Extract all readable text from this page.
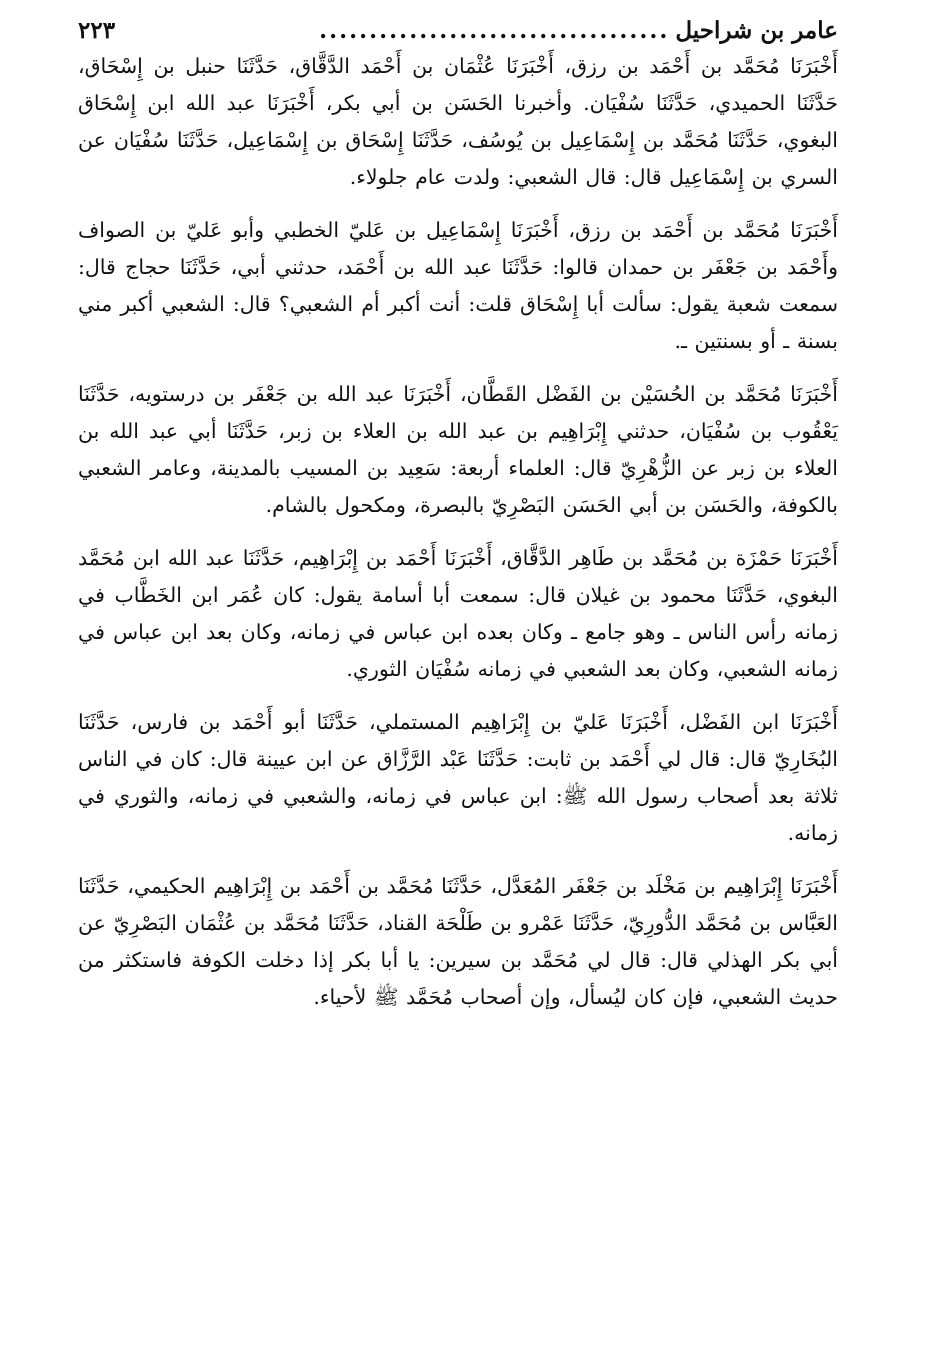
عامر بن شراحيل
...................................
٢٢٣

أَخْبَرَنَا مُحَمَّد بن أَحْمَد بن رزق، أَخْبَرَنَا عُثْمَان بن أَحْمَد الدَّقَّاق، حَدَّثَنَا حنبل بن إِسْحَاق، حَدَّثَنَا الحميدي، حَدَّثَنَا سُفْيَان. وأخبرنا الحَسَن بن أبي بكر، أَخْبَرَنَا عبد الله ابن إِسْحَاق البغوي، حَدَّثَنَا مُحَمَّد بن إِسْمَاعِيل بن يُوسُف، حَدَّثَنَا إِسْحَاق بن إِسْمَاعِيل، حَدَّثَنَا سُفْيَان عن السري بن إِسْمَاعِيل قال: قال الشعبي: ولدت عام جلولاء.

أَخْبَرَنَا مُحَمَّد بن أَحْمَد بن رزق، أَخْبَرَنَا إِسْمَاعِيل بن عَليّ الخطبي وأبو عَليّ بن الصواف وأَحْمَد بن جَعْفَر بن حمدان قالوا: حَدَّثَنَا عبد الله بن أَحْمَد، حدثني أبي، حَدَّثَنَا حجاج قال: سمعت شعبة يقول: سألت أبا إِسْحَاق قلت: أنت أكبر أم الشعبي؟ قال: الشعبي أكبر مني بسنة ـ أو بسنتين ـ.

أَخْبَرَنَا مُحَمَّد بن الحُسَيْن بن الفَضْل القَطَّان، أَخْبَرَنَا عبد الله بن جَعْفَر بن درستويه، حَدَّثَنَا يَعْقُوب بن سُفْيَان، حدثني إِبْرَاهِيم بن عبد الله بن العلاء بن زبر، حَدَّثَنَا أبي عبد الله بن العلاء بن زبر عن الزُّهْرِيّ قال: العلماء أربعة: سَعِيد بن المسيب بالمدينة، وعامر الشعبي بالكوفة، والحَسَن بن أبي الحَسَن البَصْرِيّ بالبصرة، ومكحول بالشام.

أَخْبَرَنَا حَمْزَة بن مُحَمَّد بن طَاهِر الدَّقَّاق، أَخْبَرَنَا أَحْمَد بن إِبْرَاهِيم، حَدَّثَنَا عبد الله ابن مُحَمَّد البغوي، حَدَّثَنَا محمود بن غيلان قال: سمعت أبا أسامة يقول: كان عُمَر ابن الخَطَّاب في زمانه رأس الناس ـ وهو جامع ـ وكان بعده ابن عباس في زمانه، وكان بعد ابن عباس في زمانه الشعبي، وكان بعد الشعبي في زمانه سُفْيَان الثوري.

أَخْبَرَنَا ابن الفَضْل، أَخْبَرَنَا عَليّ بن إِبْرَاهِيم المستملي، حَدَّثَنَا أبو أَحْمَد بن فارس، حَدَّثَنَا البُخَارِيّ قال: قال لي أَحْمَد بن ثابت: حَدَّثَنَا عَبْد الرَّزَّاق عن ابن عيينة قال: كان في الناس ثلاثة بعد أصحاب رسول الله ﷺ: ابن عباس في زمانه، والشعبي في زمانه، والثوري في زمانه.

أَخْبَرَنَا إِبْرَاهِيم بن مَخْلَد بن جَعْفَر المُعَدَّل، حَدَّثَنَا مُحَمَّد بن أَحْمَد بن إِبْرَاهِيم الحكيمي، حَدَّثَنَا العَبَّاس بن مُحَمَّد الدُّورِيّ، حَدَّثَنَا عَمْرو بن طَلْحَة القناد، حَدَّثَنَا مُحَمَّد بن عُثْمَان البَصْرِيّ عن أبي بكر الهذلي قال: قال لي مُحَمَّد بن سيرين: يا أبا بكر إذا دخلت الكوفة فاستكثر من حديث الشعبي، فإن كان ليُسأل، وإن أصحاب مُحَمَّد ﷺ لأحياء.
